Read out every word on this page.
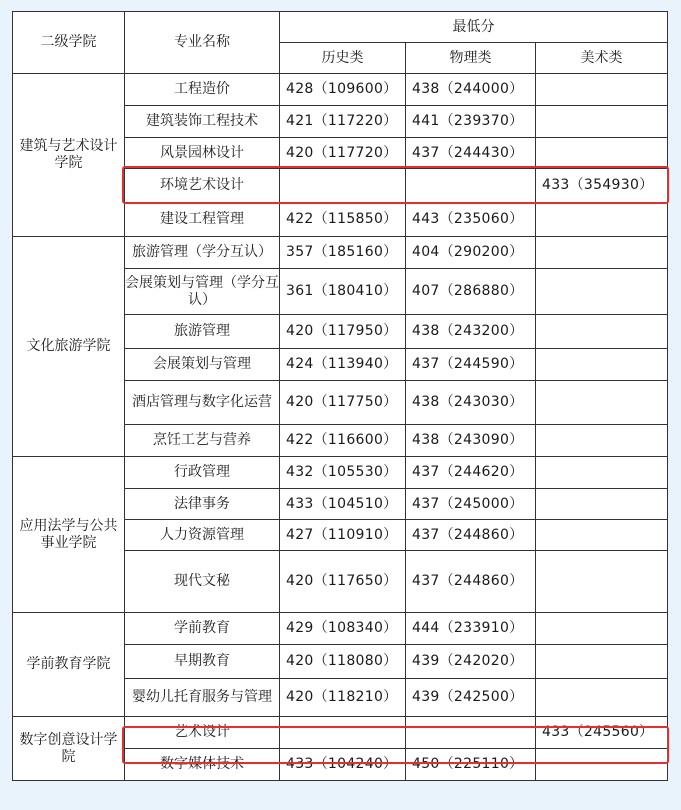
二级学院	专业名称	最低分		
		历史类	物理类	美术类
建筑与艺术设计学院	工程造价	428（109600）	438（244000）	
	建筑装饰工程技术	421（117220）	441（239370）	
	风景园林设计	420（117720）	437（244430）	
	环境艺术设计			433（354930）
	建设工程管理	422（115850）	443（235060）	
文化旅游学院	旅游管理（学分互认）	357（185160）	404（290200）	
	会展策划与管理（学分互认）	361（180410）	407（286880）	
	旅游管理	420（117950）	438（243200）	
	会展策划与管理	424（113940）	437（244590）	
	酒店管理与数字化运营	420（117750）	438（243030）	
	烹饪工艺与营养	422（116600）	438（243090）	
应用法学与公共事业学院	行政管理	432（105530）	437（244620）	
	法律事务	433（104510）	437（245000）	
	人力资源管理	427（110910）	437（244860）	
	现代文秘	420（117650）	437（244860）	
学前教育学院	学前教育	429（108340）	444（233910）	
	早期教育	420（118080）	439（242020）	
	婴幼儿托育服务与管理	420（118210）	439（242500）	
数字创意设计学院	艺术设计			433（245560）
	数字媒体技术	433（104240）	450（225110）	
